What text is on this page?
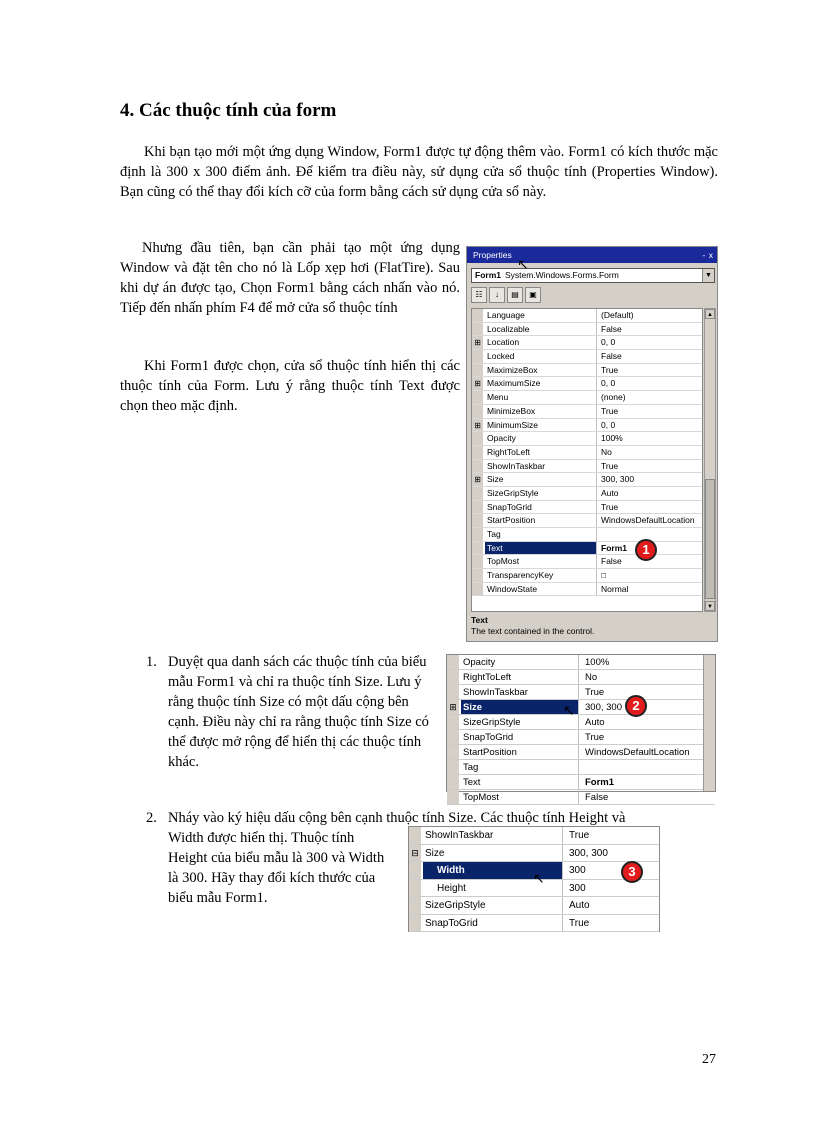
4. Các thuộc tính của form
Khi bạn tạo mới một ứng dụng Window, Form1 được tự động thêm vào. Form1 có kích thước mặc định là 300 x 300 điểm ảnh. Để kiểm tra điều này, sử dụng cửa sổ thuộc tính (Properties Window). Bạn cũng có thể thay đổi kích cỡ của form bằng cách sử dụng cửa sổ này.
Nhưng đầu tiên, bạn cần phải tạo một ứng dụng Window và đặt tên cho nó là Lốp xẹp hơi (FlatTire). Sau khi dự án được tạo, Chọn Form1 bằng cách nhấn vào nó. Tiếp đến nhấn phím F4 để mở cửa sổ thuộc tính
Khi Form1 được chọn, cửa sổ thuộc tính hiển thị các thuộc tính của Form. Lưu ý rằng thuộc tính Text được chọn theo mặc định.
Properties	-  x
Form1 System.Windows.Forms.Form	▼
☷ ↓ ▤ ▣
Language	(Default)
Localizable	False
⊞ Location	0, 0
Locked	False
MaximizeBox	True
⊞ MaximumSize	0, 0
Menu	(none)
MinimizeBox	True
⊞ MinimumSize	0, 0
Opacity	100%
RightToLeft	No
ShowInTaskbar	True
⊞ Size	300, 300
SizeGripStyle	Auto
SnapToGrid	True
StartPosition	WindowsDefaultLocation
Tag
Text	Form1
TopMost	False
TransparencyKey	□
WindowState	Normal
▲
▼
Text
The text contained in the control.
1
↖
1. Duyệt qua danh sách các thuộc tính của biểu mẫu Form1 và chỉ ra thuộc tính Size. Lưu ý rằng thuộc tính Size có một dấu cộng bên cạnh. Điều này chỉ ra rằng thuộc tính Size có thể được mở rộng để hiển thị các thuộc tính khác.
Opacity	100%
RightToLeft	No
ShowInTaskbar	True
⊞ Size	300, 300
SizeGripStyle	Auto
SnapToGrid	True
StartPosition	WindowsDefaultLocation
Tag
Text	Form1
TopMost	False
2
↖
2. Nháy vào ký hiệu dấu cộng bên cạnh thuộc tính Size. Các thuộc tính Height và
Width được hiển thị. Thuộc tính Height của biểu mẫu là 300 và Width là 300. Hãy thay đổi kích thước của biểu mẫu Form1.
ShowInTaskbar	True
⊟ Size	300, 300
Width	300
Height	300
SizeGripStyle	Auto
SnapToGrid	True
3
↖
27
